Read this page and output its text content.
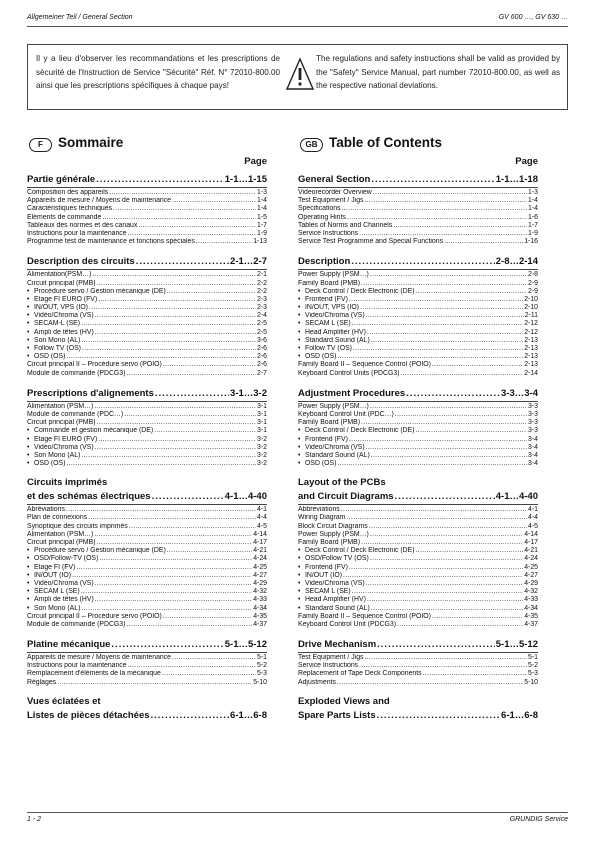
Allgemeiner Teil / General Section	GV 600 …, GV 630 …
Il y a lieu d'observer les recommandations et les prescriptions de sécurité de l'Instruction de Service "Sécurité" Réf. N° 72010-800.00 ainsi que les prescriptions spécifiques à chaque pays!
The regulations and safety instructions shall be valid as provided by the "Safety" Service Manual, part number 72010-800.00, as well as the respective national deviations.
F	Sommaire
Page
Partie générale .....	1-1…1-15
Composition des appareils .....	1-3
Appareils de mesure / Moyens de maintenance .....	1-4
Caractéristiques techniques .....	1-4
Eléments de commande .....	1-5
Tableaux des normes et des canaux .....	1-7
Instructions pour la maintenance .....	1-9
Programme test de maintenance et fonctions spéciales .....	1-13
Description des circuits .....	2-1…2-7
Alimentation(PSM…) .....	2-1
Circuit principal (PMB) .....	2-2
• Procédure servo / Gestion mécanique (DE) .....	2-2
• Etage FI EURO (FV) .....	2-3
• IN/OUT, VPS (IO) .....	2-3
• Vidéo/Chroma (VS) .....	2-4
• SECAM-L (SE) .....	2-5
• Ampli de têtes (HV) .....	2-5
• Son Mono (AL) .....	3-6
• Follow TV (OS) .....	2-6
• OSD (OS) .....	2-6
Circuit principal II – Procédure servo (POIO) .....	2-6
Module de commande (PDCG3) .....	2-7
Prescriptions d'alignements .....	3-1…3-2
Alimentation (PSM…) .....	3-1
Module de commande (PDC…) .....	3-1
Circuit principal (PMB) .....	3-1
• Commande et gestion mécanique (DE) .....	3-1
• Etage FI EURO (FV) .....	3-2
• Vidéo/Chroma (VS) .....	3-2
• Son Mono (AL) .....	3-2
• OSD (OS) .....	3-2
Circuits imprimés
et des schémas électriques .....	4-1…4-40
Abréviations .....	4-1
Plan de connexions .....	4-4
Synoptique des circuits imprimés .....	4-5
Alimentation (PSM…) .....	4-14
Circuit principal (PMB) .....	4-17
• Procédure servo / Gestion mécanique (DE) .....	4-21
• OSD/Follow-TV (OS) .....	4-24
• Etage FI (FV) .....	4-25
• IN/OUT (IO) .....	4-27
• Vidéo/Chroma (VS) .....	4-29
• SECAM L (SE) .....	4-32
• Ampli de têtes (HV) .....	4-33
• Son Mono (AL) .....	4-34
Circuit principal II – Procédure servo (POIO) .....	4-35
Module de commande (PDCG3) .....	4-37
Platine mécanique .....	5-1…5-12
Appareils de mesure / Moyens de maintenance .....	5-1
Instructions pour la maintenance .....	5-2
Remplacement d'éléments de la mécanique .....	5-3
Réglages .....	5-10
Vues éclatées et
Listes de pièces détachées .....	6-1…6-8
GB Table of Contents
Page
General Section .....	1-1…1-18
Videorecorder Overview .....	1-3
Test Equipment / Jigs .....	1-4
Specifications .....	1-4
Operating Hints .....	1-6
Tables of Norms and Channels .....	1-7
Service Instructions .....	1-9
Service Test Programme and Special Functions .....	1-16
Description .....	2-8…2-14
Power Supply (PSM…) .....	2-8
Family Board (PMB) .....	2-9
• Deck Control / Deck Electronic (DE) .....	2-9
• Frontend (FV) .....	2-10
• IN/OUT, VPS (IO) .....	2-10
• Video/Chroma (VS) .....	2-11
• SECAM L (SE) .....	2-12
• Head Amplifier (HV) .....	2-12
• Standard Sound (AL) .....	2-13
• Follow TV (OS) .....	2-13
• OSD (OS) .....	2-13
Family Board II – Sequence Control (POIO) .....	2-13
Keyboard Control Units (PDCG3) .....	2-14
Adjustment Procedures .....	3-3…3-4
Power Supply (PSM…) .....	3-3
Keyboard Control Unit (PDC…) .....	3-3
Family Board (PMB) .....	3-3
• Deck Control / Deck Electronic (DE) .....	3-3
• Frontend (FV) .....	3-4
• Video/Chroma (VS) .....	3-4
• Standard Sound (AL) .....	3-4
• OSD (OS) .....	3-4
Layout of the PCBs
and Circuit Diagrams .....	4-1…4-40
Abbreviations .....	4-1
Wiring Diagram .....	4-4
Block Circuit Diagrams .....	4-5
Power Supply (PSM…) .....	4-14
Family Board (PMB) .....	4-17
• Deck Control / Deck Electronic (DE) .....	4-21
• OSD/Follow TV (OS) .....	4-24
• Frontend (FV) .....	4-25
• IN/OUT (IO) .....	4-27
• Video/Chroma (VS) .....	4-29
• SECAM L (SE) .....	4-32
• Head Amplifier (HV) .....	4-33
• Standard Sound (AL) .....	4-34
Family Board II – Sequence Control (POIO) .....	4-35
Keyboard Control Unit (PDCG3) .....	4-37
Drive Mechanism .....	5-1…5-12
Test Equipment / Jigs .....	5-1
Service Instructions .....	5-2
Replacement of Tape Deck Components .....	5-3
Adjustments .....	5-10
Exploded Views and
Spare Parts Lists .....	6-1…6-8
1 - 2	GRUNDIG Service
